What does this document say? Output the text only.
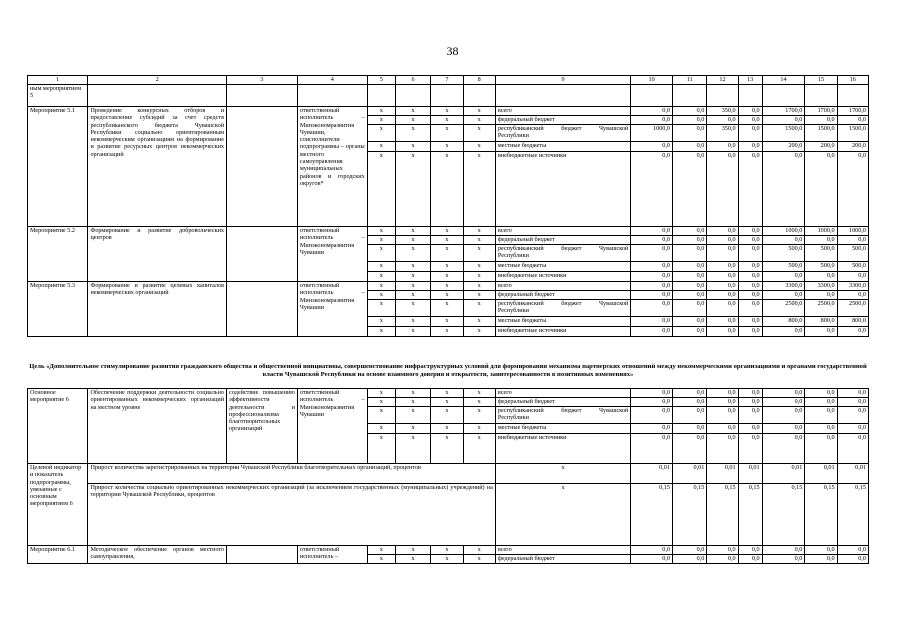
38
1	2	3	4	5	6	7	8	9	10	11	12	13	14	15	16
ным мероприятием 5															
Мероприятие 5.1	Проведение конкурсных отборов и предоставление субсидий за счет средств республиканского бюджета Чувашской Республики социально ориентированным некоммерческим организациям на формирование и развитие ресурсных центров некоммерческих организаций		ответственный исполнитель – Минэкономразвития Чувашии, соисполнители подпрограммы – органы местного самоуправления муниципальных районов и городских округов*	x	x	x	x	всего	0,0	0,0	350,0	0,0	1700,0	1700,0	1700,0
				x	x	x	x	федеральный бюджет	0,0	0,0	0,0	0,0	0,0	0,0	0,0
				x	x	x	x	республиканский бюджет Чувашской Республики	1000,0	0,0	350,0	0,0	1500,0	1500,0	1500,0
				x	x	x	x	местные бюджеты	0,0	0,0	0,0	0,0	200,0	200,0	200,0
				x	x	x	x	внебюджетные источники	0,0	0,0	0,0	0,0	0,0	0,0	0,0
Мероприятие 5.2	Формирование и развитие добровольческих центров		ответственный исполнитель – Минэкономразвития Чувашии	x	x	x	x	всего	0,0	0,0	0,0	0,0	1000,0	1000,0	1000,0
				x	x	x	x	федеральный бюджет	0,0	0,0	0,0	0,0	0,0	0,0	0,0
				x	x	x	x	республиканский бюджет Чувашской Республики	0,0	0,0	0,0	0,0	500,0	500,0	500,0
				x	x	x	x	местные бюджеты	0,0	0,0	0,0	0,0	500,0	500,0	500,0
				x	x	x	x	внебюджетные источники	0,0	0,0	0,0	0,0	0,0	0,0	0,0
Мероприятие 5.3	Формирование и развитие целевых капиталов некоммерческих организаций		ответственный исполнитель – Минэкономразвития Чувашии	x	x	x	x	всего	0,0	0,0	0,0	0,0	3300,0	3300,0	3300,0
				x	x	x	x	федеральный бюджет	0,0	0,0	0,0	0,0	0,0	0,0	0,0
				x	x	x	x	республиканский бюджет Чувашской Республики	0,0	0,0	0,0	0,0	2500,0	2500,0	2500,0
				x	x	x	x	местные бюджеты	0,0	0,0	0,0	0,0	800,0	800,0	800,0
				x	x	x	x	внебюджетные источники	0,0	0,0	0,0	0,0	0,0	0,0	0,0
Цель «Дополнительное стимулирование развития гражданского общества и общественной инициативы, совершенствование инфраструктурных условий для формирования механизма партнерских отношений между некоммерческими организациями и органами государственной власти Чувашской Республики на основе взаимного доверия и открытости, заинтересованности в позитивных изменениях»
Основное мероприятие 6	Обеспечение поддержки деятельности социально ориентированных некоммерческих организаций на местном уровне	содействие повышению эффективности деятельности и профессионализма благотворительных организаций	ответственный исполнитель – Минэкономразвития Чувашии	x	x	x	x	всего	0,0	0,0	0,0	0,0	0,0	0,0	0,0
				x	x	x	x	федеральный бюджет	0,0	0,0	0,0	0,0	0,0	0,0	0,0
				x	x	x	x	республиканский бюджет Чувашской Республики	0,0	0,0	0,0	0,0	0,0	0,0	0,0
				x	x	x	x	местные бюджеты	0,0	0,0	0,0	0,0	0,0	0,0	0,0
				x	x	x	x	внебюджетные источники	0,0	0,0	0,0	0,0	0,0	0,0	0,0
Целевой индикатор и показатель подпрограммы, увязанные с основным мероприятием 6	Прирост количества зарегистрированных на территории Чувашской Республики благотворительных организаций, процентов							x	0,01	0,01	0,01	0,01	0,01	0,01	0,01
	Прирост количества социально ориентированных некоммерческих организаций (за исключением государственных (муниципальных) учреждений) на территории Чувашской Республики, процентов							x	0,15	0,15	0,15	0,15	0,15	0,15	0,15
Мероприятие 6.1	Методическое обеспечение органов местного самоуправления,		ответственный исполнитель –	x	x	x	x	всего	0,0	0,0	0,0	0,0	0,0	0,0	0,0
				x	x	x	x	федеральный бюджет	0,0	0,0	0,0	0,0	0,0	0,0	0,0
